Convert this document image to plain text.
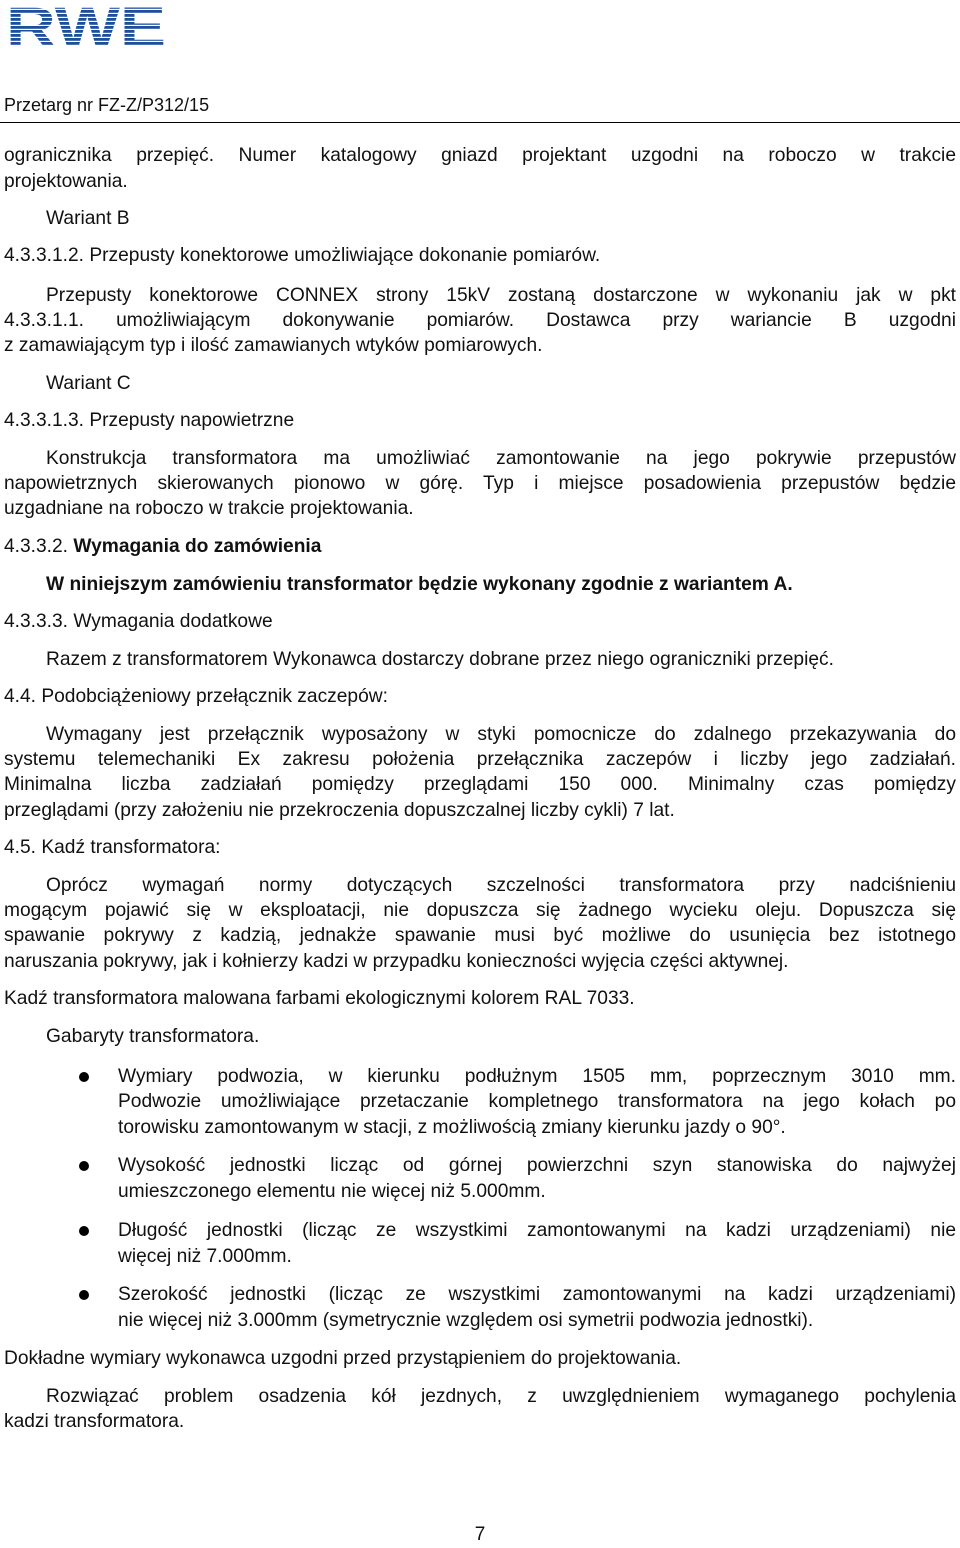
RWE
Przetarg nr FZ-Z/P312/15
ogranicznika przepięć. Numer katalogowy gniazd projektant uzgodni na roboczo w trakcie
projektowania.
Wariant B
4.3.3.1.2. Przepusty konektorowe umożliwiające dokonanie pomiarów.
Przepusty konektorowe CONNEX strony 15kV zostaną dostarczone w wykonaniu jak w pkt
4.3.3.1.1. umożliwiającym dokonywanie pomiarów. Dostawca przy wariancie B uzgodni
z zamawiającym typ i ilość zamawianych wtyków pomiarowych.
Wariant C
4.3.3.1.3. Przepusty napowietrzne
Konstrukcja transformatora ma umożliwiać zamontowanie na jego pokrywie przepustów
napowietrznych skierowanych pionowo w górę. Typ i miejsce posadowienia przepustów będzie
uzgadniane na roboczo w trakcie projektowania.
4.3.3.2. Wymagania do zamówienia
W niniejszym zamówieniu transformator będzie wykonany zgodnie z wariantem A.
4.3.3.3. Wymagania dodatkowe
Razem z transformatorem Wykonawca dostarczy dobrane przez niego ograniczniki przepięć.
4.4. Podobciążeniowy przełącznik zaczepów:
Wymagany jest przełącznik wyposażony w styki pomocnicze do zdalnego przekazywania do
systemu telemechaniki Ex zakresu położenia przełącznika zaczepów i liczby jego zadziałań.
Minimalna liczba zadziałań pomiędzy przeglądami 150 000. Minimalny czas pomiędzy
przeglądami (przy założeniu nie przekroczenia dopuszczalnej liczby cykli) 7 lat.
4.5. Kadź transformatora:
Oprócz wymagań normy dotyczących szczelności transformatora przy nadciśnieniu
mogącym pojawić się w eksploatacji, nie dopuszcza się żadnego wycieku oleju. Dopuszcza się
spawanie pokrywy z kadzią, jednakże spawanie musi być możliwe do usunięcia bez istotnego
naruszania pokrywy, jak i kołnierzy kadzi w przypadku konieczności wyjęcia części aktywnej.
Kadź transformatora malowana farbami ekologicznymi kolorem RAL 7033.
Gabaryty transformatora.
Wymiary podwozia, w kierunku podłużnym 1505 mm, poprzecznym 3010 mm.
Podwozie umożliwiające przetaczanie kompletnego transformatora na jego kołach po
torowisku zamontowanym w stacji, z możliwością zmiany kierunku jazdy o 90°.
Wysokość jednostki licząc od górnej powierzchni szyn stanowiska do najwyżej
umieszczonego elementu nie więcej niż 5.000mm.
Długość jednostki (licząc ze wszystkimi zamontowanymi na kadzi urządzeniami) nie
więcej niż 7.000mm.
Szerokość jednostki (licząc ze wszystkimi zamontowanymi na kadzi urządzeniami)
nie więcej niż 3.000mm (symetrycznie względem osi symetrii podwozia jednostki).
Dokładne wymiary wykonawca uzgodni przed przystąpieniem do projektowania.
Rozwiązać problem osadzenia kół jezdnych, z uwzględnieniem wymaganego pochylenia
kadzi transformatora.
7
